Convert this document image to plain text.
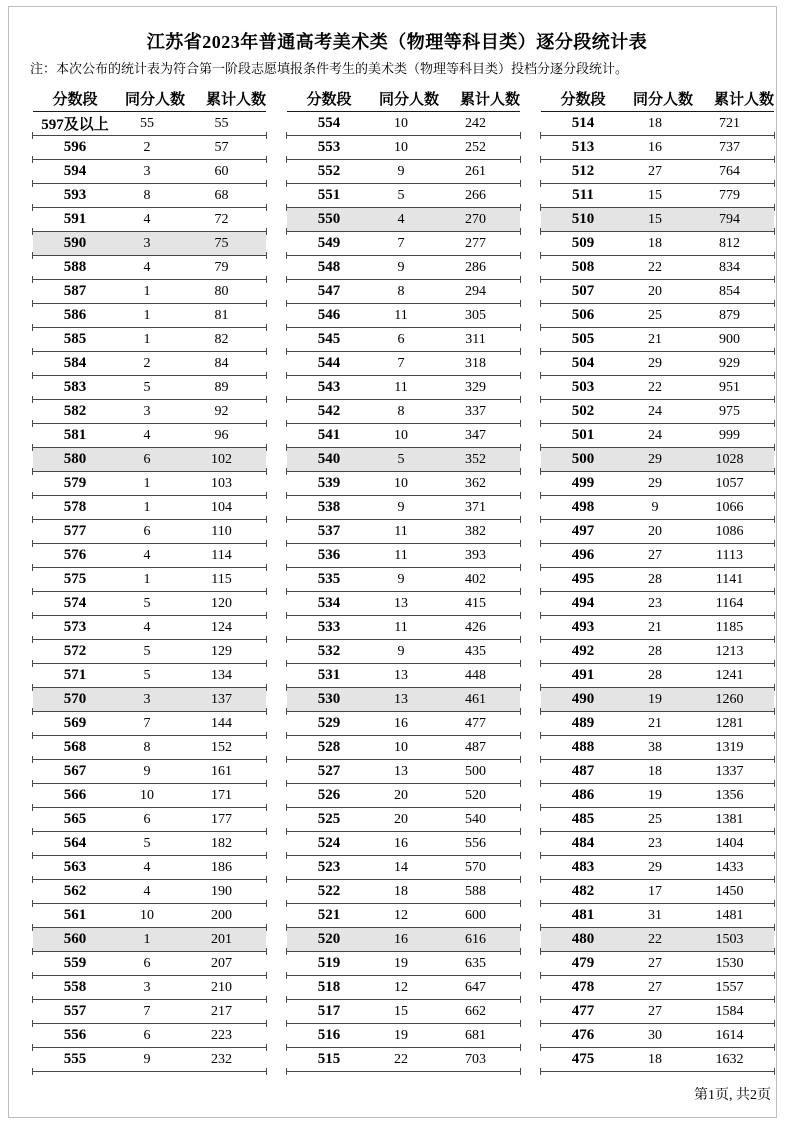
江苏省2023年普通高考美术类（物理等科目类）逐分段统计表
注：本次公布的统计表为符合第一阶段志愿填报条件考生的美术类（物理等科目类）投档分逐分段统计。
分数段	同分人数	累计人数
597及以上	55	55
596	2	57
594	3	60
593	8	68
591	4	72
590	3	75
588	4	79
587	1	80
586	1	81
585	1	82
584	2	84
583	5	89
582	3	92
581	4	96
580	6	102
579	1	103
578	1	104
577	6	110
576	4	114
575	1	115
574	5	120
573	4	124
572	5	129
571	5	134
570	3	137
569	7	144
568	8	152
567	9	161
566	10	171
565	6	177
564	5	182
563	4	186
562	4	190
561	10	200
560	1	201
559	6	207
558	3	210
557	7	217
556	6	223
555	9	232
分数段	同分人数	累计人数
554	10	242
553	10	252
552	9	261
551	5	266
550	4	270
549	7	277
548	9	286
547	8	294
546	11	305
545	6	311
544	7	318
543	11	329
542	8	337
541	10	347
540	5	352
539	10	362
538	9	371
537	11	382
536	11	393
535	9	402
534	13	415
533	11	426
532	9	435
531	13	448
530	13	461
529	16	477
528	10	487
527	13	500
526	20	520
525	20	540
524	16	556
523	14	570
522	18	588
521	12	600
520	16	616
519	19	635
518	12	647
517	15	662
516	19	681
515	22	703
分数段	同分人数	累计人数
514	18	721
513	16	737
512	27	764
511	15	779
510	15	794
509	18	812
508	22	834
507	20	854
506	25	879
505	21	900
504	29	929
503	22	951
502	24	975
501	24	999
500	29	1028
499	29	1057
498	9	1066
497	20	1086
496	27	1113
495	28	1141
494	23	1164
493	21	1185
492	28	1213
491	28	1241
490	19	1260
489	21	1281
488	38	1319
487	18	1337
486	19	1356
485	25	1381
484	23	1404
483	29	1433
482	17	1450
481	31	1481
480	22	1503
479	27	1530
478	27	1557
477	27	1584
476	30	1614
475	18	1632
第1页, 共2页
